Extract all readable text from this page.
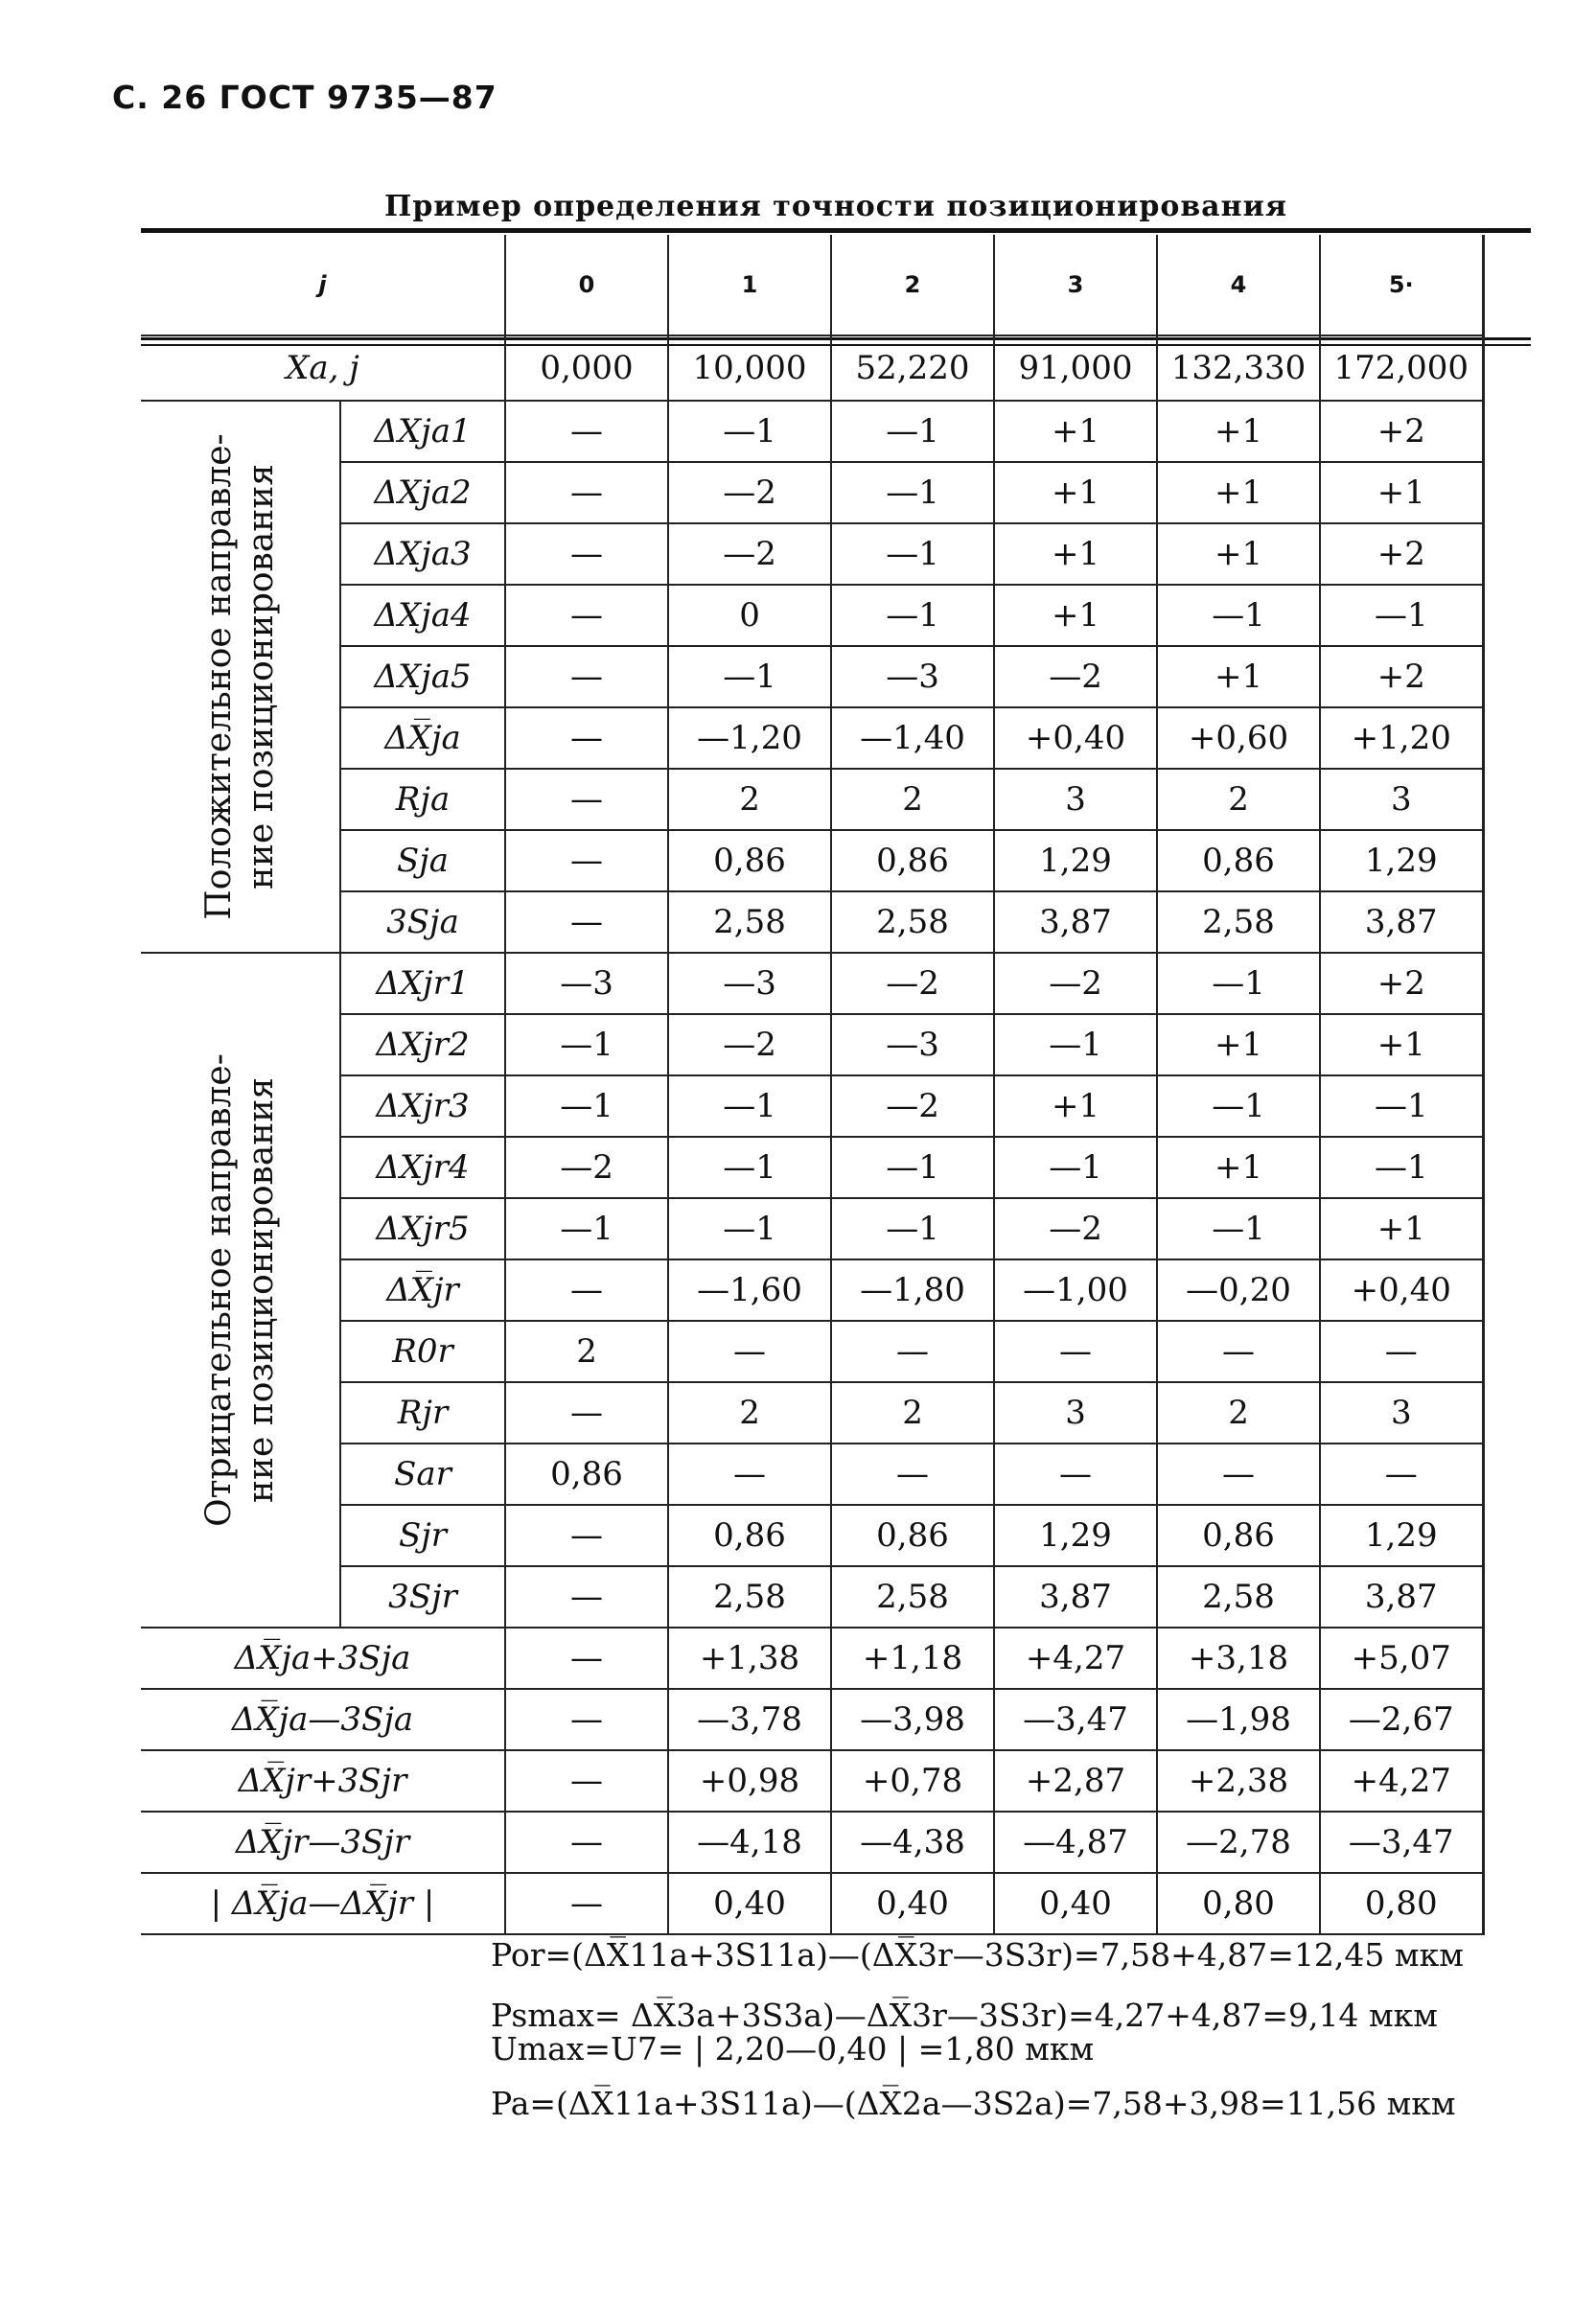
С. 26 ГОСТ 9735—87
Пример определения точности позиционирования
j		0	1	2	3	4	5·
Xa, j		0,000	10,000	52,220	91,000	132,330	172,000

Положительное направле- ние позиционирования	ΔXja1	—	—1	—1	+1	+1	+2
	ΔXja2	—	—2	—1	+1	+1	+1
	ΔXja3	—	—2	—1	+1	+1	+2
	ΔXja4	—	0	—1	+1	—1	—1
	ΔXja5	—	—1	—3	—2	+1	+2
	ΔX̅ja	—	—1,20	—1,40	+0,40	+0,60	+1,20
	Rja	—	2	2	3	2	3
	Sja	—	0,86	0,86	1,29	0,86	1,29
	3Sja	—	2,58	2,58	3,87	2,58	3,87

Отрицательное направле- ние позиционирования	ΔXjr1	—3	—3	—2	—2	—1	+2
	ΔXjr2	—1	—2	—3	—1	+1	+1
	ΔXjr3	—1	—1	—2	+1	—1	—1
	ΔXjr4	—2	—1	—1	—1	+1	—1
	ΔXjr5	—1	—1	—1	—2	—1	+1
	ΔX̅jr	—	—1,60	—1,80	—1,00	—0,20	+0,40
	R0r	2	—	—	—	—	—
	Rjr	—	2	2	3	2	3
	Sar	0,86	—	—	—	—	—
	Sjr	—	0,86	0,86	1,29	0,86	1,29
	3Sjr	—	2,58	2,58	3,87	2,58	3,87
ΔX̅ja+3Sja		—	+1,38	+1,18	+4,27	+3,18	+5,07
ΔX̅ja—3Sja		—	—3,78	—3,98	—3,47	—1,98	—2,67
ΔX̅jr+3Sjr		—	+0,98	+0,78	+2,87	+2,38	+4,27
ΔX̅jr—3Sjr		—	—4,18	—4,38	—4,87	—2,78	—3,47
| ΔX̅ja—ΔX̅jr |		—	0,40	0,40	0,40	0,80	0,80
Por=(ΔX̅11a+3S11a)—(ΔX̅3r—3S3r)=7,58+4,87=12,45 мкм
Psmax= ΔX̅3a+3S3a)—ΔX̅3r—3S3r)=4,27+4,87=9,14 мкм
Umax=U7= | 2,20—0,40 | =1,80 мкм
Pa=(ΔX̅11a+3S11a)—(ΔX̅2a—3S2a)=7,58+3,98=11,56 мкм
